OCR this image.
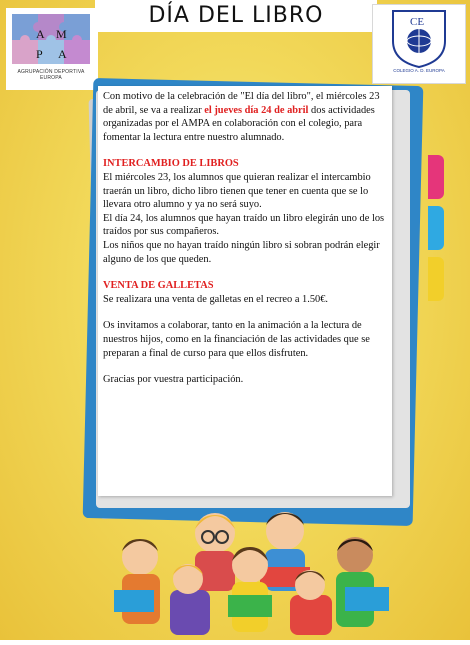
DÍA DEL LIBRO
A M
P A
AGRUPACIÓN DEPORTIVA EUROPA
CE
COLEGIO A. D. EUROPA

Con motivo de la celebración de "El día del libro", el miércoles 23 de abril, se va a realizar el jueves día 24 de abril dos actividades organizadas por el AMPA en colaboración con el colegio, para fomentar la lectura entre nuestro alumnado.

INTERCAMBIO DE LIBROS

El miércoles 23, los alumnos que quieran realizar el intercambio traerán un libro, dicho libro tienen que tener en cuenta que se lo llevara otro alumno y ya no será suyo.

El día 24, los alumnos que hayan traído un libro elegirán uno de los traídos por sus compañeros.

Los niños que no hayan traído ningún libro si sobran podrán elegir alguno de los que queden.

VENTA DE GALLETAS

Se realizara una venta de galletas en el recreo a 1.50€.

Os invitamos a colaborar, tanto en la animación a la lectura de nuestros hijos, como en la financiación de las actividades que se preparan a final de curso para que ellos disfruten.

Gracias por vuestra participación.
